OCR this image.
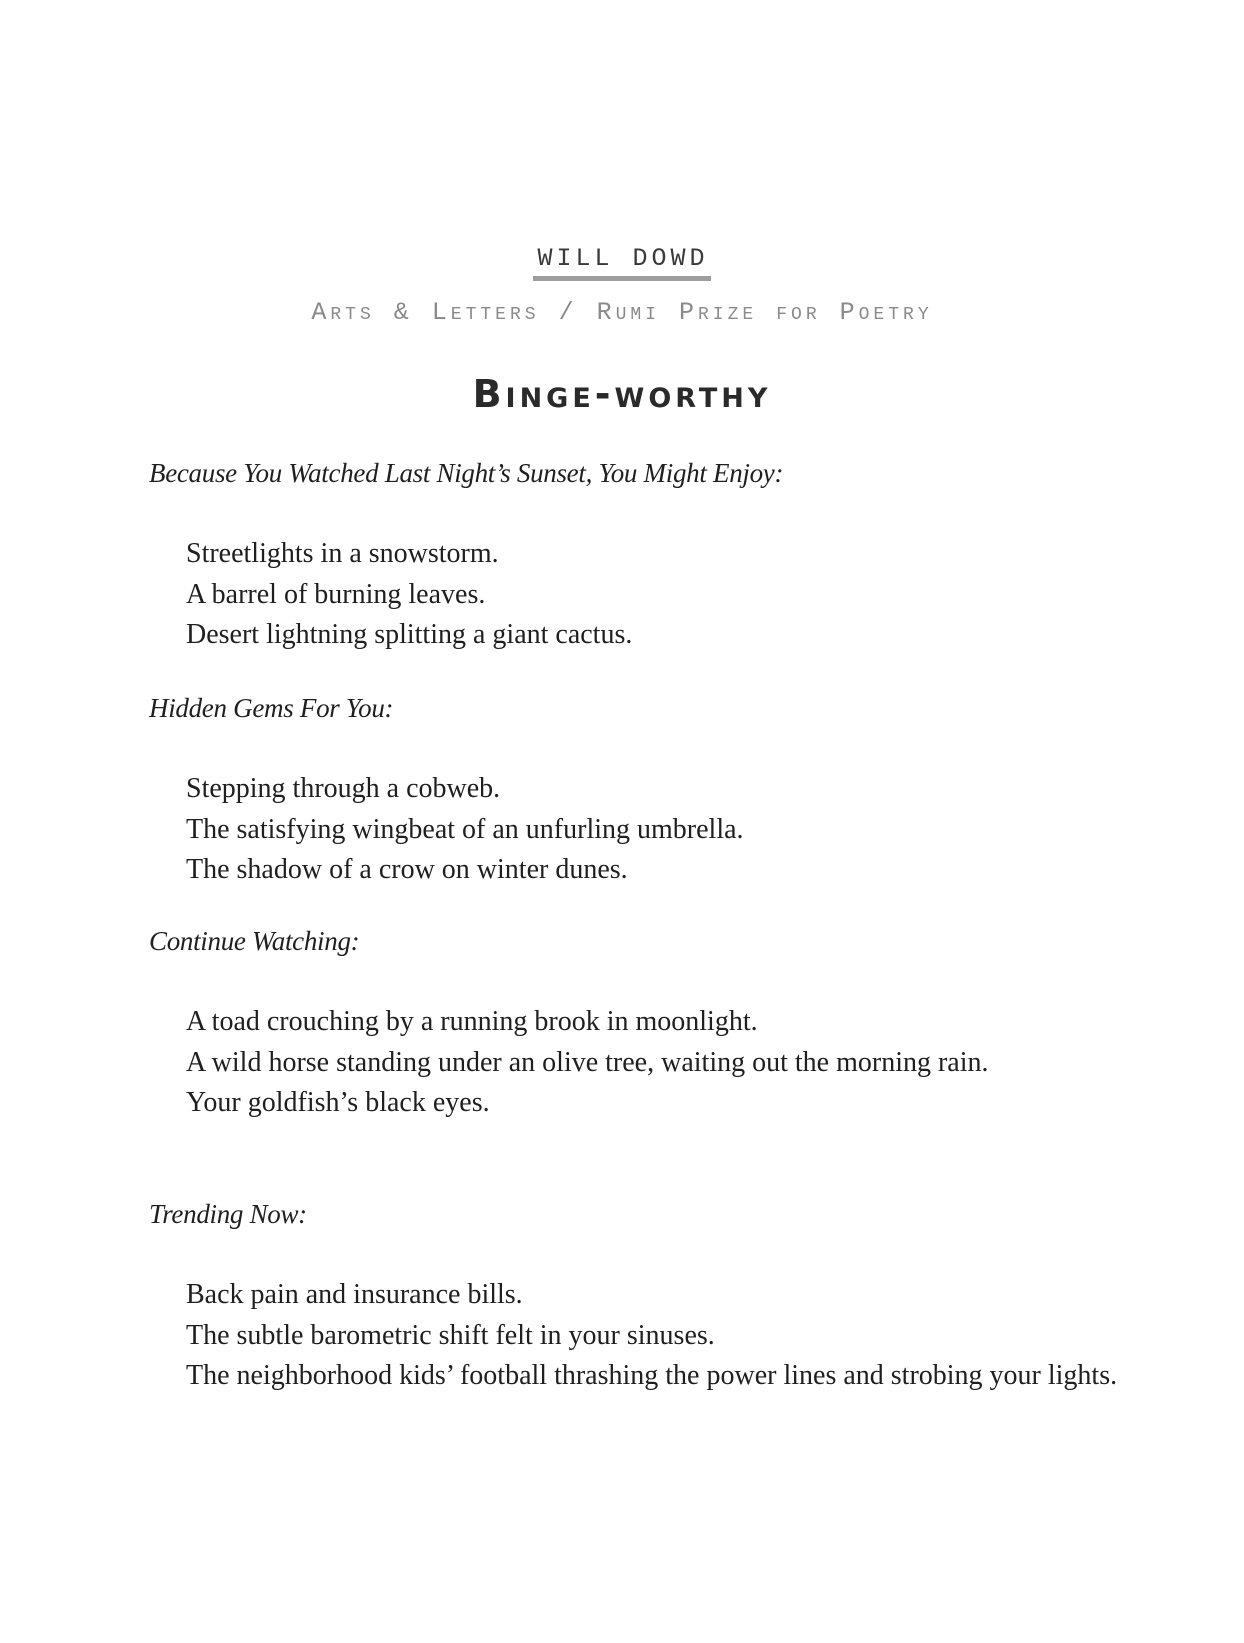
WILL DOWD
Arts & Letters / Rumi Prize for Poetry
Binge-worthy

Because You Watched Last Night’s Sunset, You Might Enjoy:

Streetlights in a snowstorm.
A barrel of burning leaves.
Desert lightning splitting a giant cactus.

Hidden Gems For You:

Stepping through a cobweb.
The satisfying wingbeat of an unfurling umbrella.
The shadow of a crow on winter dunes.

Continue Watching:

A toad crouching by a running brook in moonlight.
A wild horse standing under an olive tree, waiting out the morning rain.
Your goldfish’s black eyes.

Trending Now:

Back pain and insurance bills.
The subtle barometric shift felt in your sinuses.
The neighborhood kids’ football thrashing the power lines and strobing your lights.
